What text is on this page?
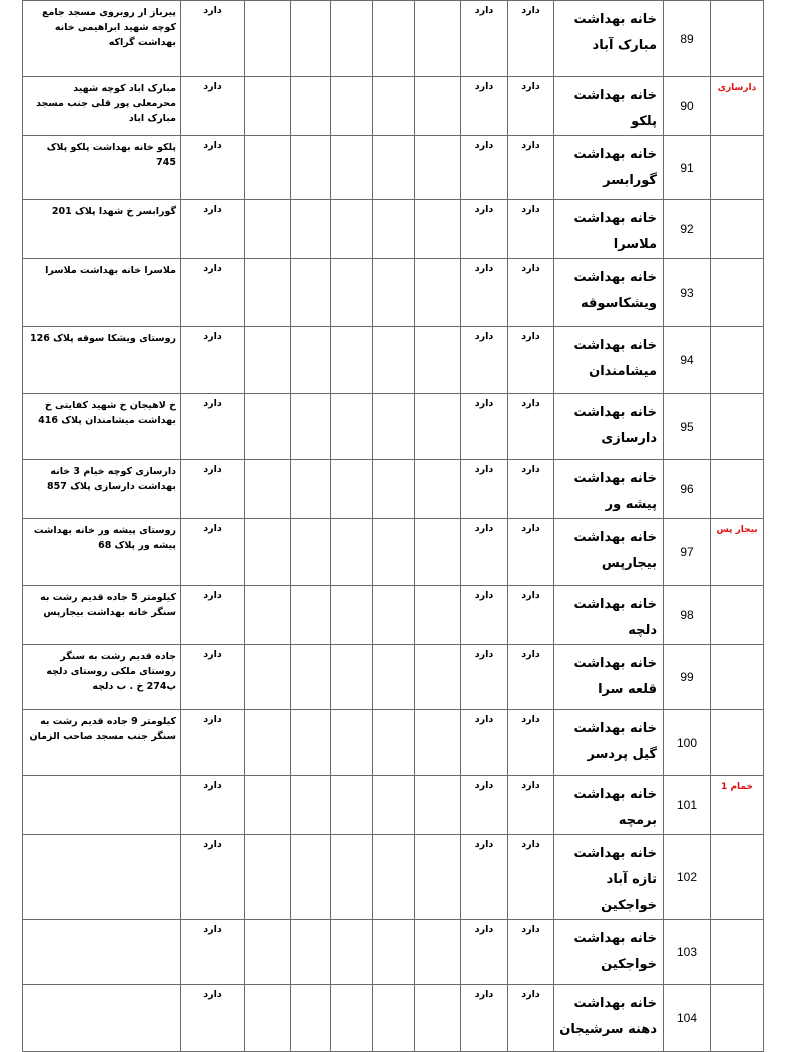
پیرباز ار روبروی مسجد جامع کوچه شهید ابراهیمی خانه بهداشت گراکه	دارد						دارد	دارد	خانه بهداشت مبارک آباد	89	
مبارک اباد کوچه شهید محرمعلی پور قلی جنب مسجد مبارک اباد	دارد						دارد	دارد	خانه بهداشت پلکو	90	دارسازی
پلکو خانه بهداشت پلکو پلاک 745	دارد						دارد	دارد	خانه بهداشت گورابسر	91	
گورابسر خ شهدا پلاک 201	دارد						دارد	دارد	خانه بهداشت ملاسرا	92	
ملاسرا خانه بهداشت ملاسرا	دارد						دارد	دارد	خانه بهداشت ویشکاسوقه	93	
روستای ویشکا سوقه پلاک 126	دارد						دارد	دارد	خانه بهداشت میشامندان	94	
خ لاهیجان خ شهید کفایتی خ بهداشت میشامندان پلاک 416	دارد						دارد	دارد	خانه بهداشت دارسازی	95	
دارسازی کوچه خیام 3 خانه بهداشت دارسازی پلاک 857	دارد						دارد	دارد	خانه بهداشت پیشه ور	96	
روستای پیشه ور خانه بهداشت پیشه ور پلاک 68	دارد						دارد	دارد	خانه بهداشت بیجارپس	97	بیجار پس
کیلومتر 5 جاده قدیم رشت به سنگر خانه بهداشت بیجارپس	دارد						دارد	دارد	خانه بهداشت دلچه	98	
جاده قدیم رشت به سنگر روستای ملکی روستای دلچه پ274 خ . ب دلچه	دارد						دارد	دارد	خانه بهداشت قلعه سرا	99	
کیلومتر 9 جاده قدیم رشت به سنگر جنب مسجد صاحب الزمان	دارد						دارد	دارد	خانه بهداشت گیل پردسر	100	
	دارد						دارد	دارد	خانه بهداشت برمچه	101	خمام 1
	دارد						دارد	دارد	خانه بهداشت تازه آباد خواجکین	102	
	دارد						دارد	دارد	خانه بهداشت خواجکین	103	
	دارد						دارد	دارد	خانه بهداشت دهنه سرشیجان	104	
